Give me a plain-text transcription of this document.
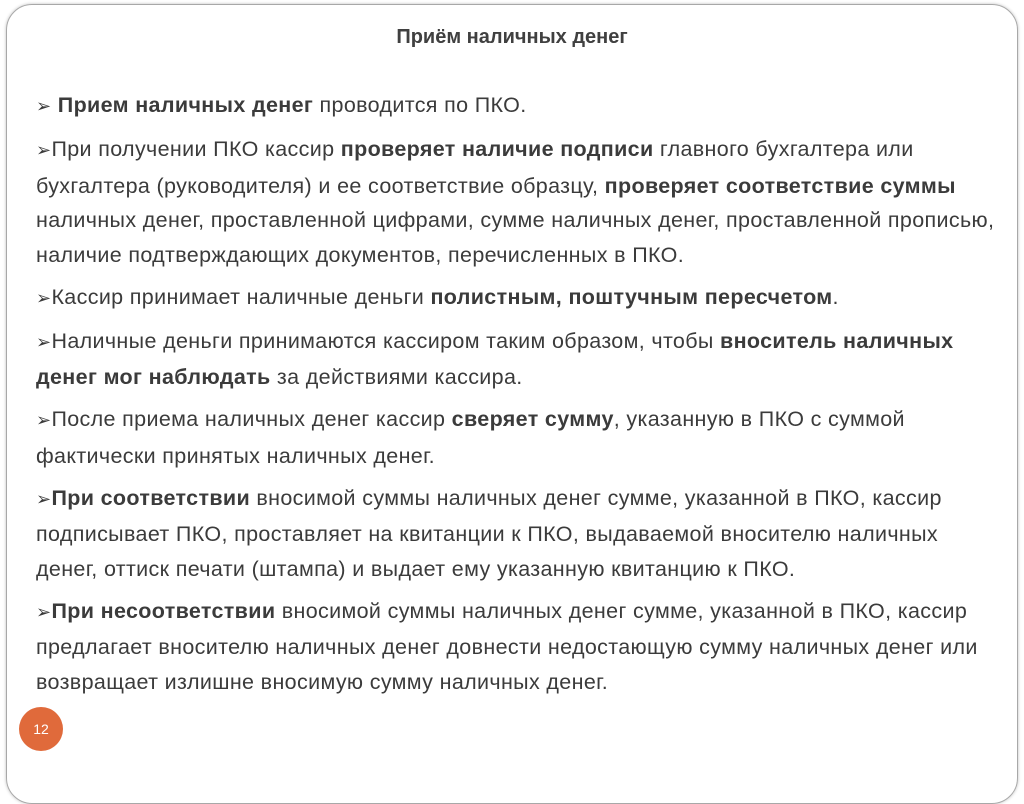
Приём наличных денег

➢ Прием наличных денег проводится по ПКО.

➢При получении ПКО кассир проверяет наличие подписи главного бухгалтера или бухгалтера (руководителя) и ее соответствие образцу, проверяет соответствие суммы наличных денег, проставленной цифрами, сумме наличных денег, проставленной прописью, наличие подтверждающих документов, перечисленных в ПКО.

➢Кассир принимает наличные деньги полистным, поштучным пересчетом.

➢Наличные деньги принимаются кассиром таким образом, чтобы вноситель наличных денег мог наблюдать за действиями кассира.

➢После приема наличных денег кассир сверяет сумму, указанную в ПКО с суммой фактически принятых наличных денег.

➢При соответствии вносимой суммы наличных денег сумме, указанной в ПКО, кассир подписывает ПКО, проставляет на квитанции к ПКО, выдаваемой вносителю наличных денег, оттиск печати (штампа) и выдает ему указанную квитанцию к ПКО.

➢При несоответствии вносимой суммы наличных денег сумме, указанной в ПКО, кассир предлагает вносителю наличных денег довнести недостающую сумму наличных денег или возвращает излишне вносимую сумму наличных денег.

12
